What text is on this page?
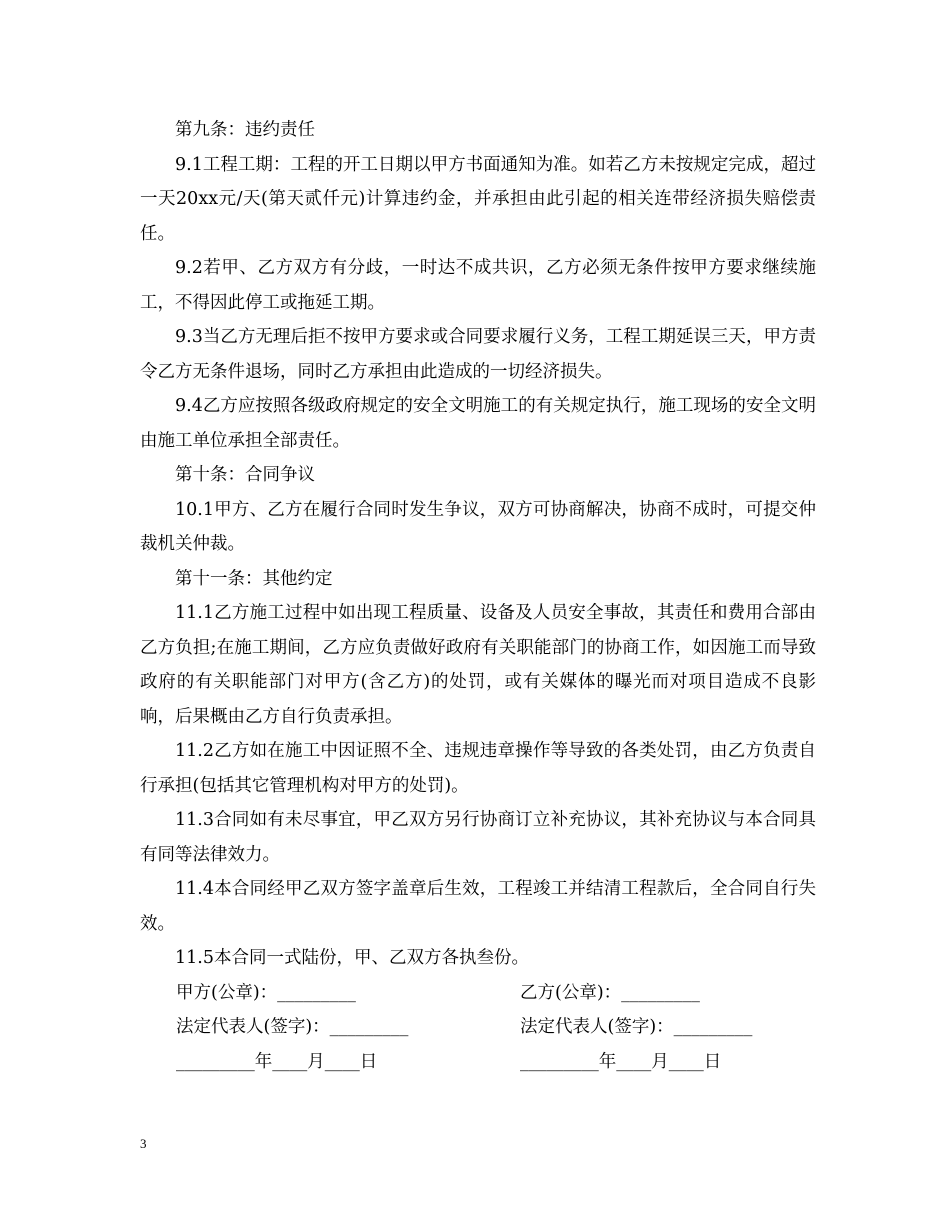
第九条：违约责任

9.1工程工期：工程的开工日期以甲方书面通知为准。如若乙方未按规定完成，超过一天20xx元/天(第天贰仟元)计算违约金，并承担由此引起的相关连带经济损失赔偿责任。

9.2若甲、乙方双方有分歧，一时达不成共识，乙方必须无条件按甲方要求继续施工，不得因此停工或拖延工期。

9.3当乙方无理后拒不按甲方要求或合同要求履行义务，工程工期延误三天，甲方责令乙方无条件退场，同时乙方承担由此造成的一切经济损失。

9.4乙方应按照各级政府规定的安全文明施工的有关规定执行，施工现场的安全文明由施工单位承担全部责任。

第十条：合同争议

10.1甲方、乙方在履行合同时发生争议，双方可协商解决，协商不成时，可提交仲裁机关仲裁。

第十一条：其他约定

11.1乙方施工过程中如出现工程质量、设备及人员安全事故，其责任和费用合部由乙方负担;在施工期间，乙方应负责做好政府有关职能部门的协商工作，如因施工而导致政府的有关职能部门对甲方(含乙方)的处罚，或有关媒体的曝光而对项目造成不良影响，后果概由乙方自行负责承担。

11.2乙方如在施工中因证照不全、违规违章操作等导致的各类处罚，由乙方负责自行承担(包括其它管理机构对甲方的处罚)。

11.3合同如有未尽事宜，甲乙双方另行协商订立补充协议，其补充协议与本合同具有同等法律效力。

11.4本合同经甲乙双方签字盖章后生效，工程竣工并结清工程款后，全合同自行失效。

11.5本合同一式陆份，甲、乙双方各执叁份。

甲方(公章)：_________	乙方(公章)：_________
法定代表人(签字)：_________	法定代表人(签字)：_________
_________年____月____日	_________年____月____日
3
